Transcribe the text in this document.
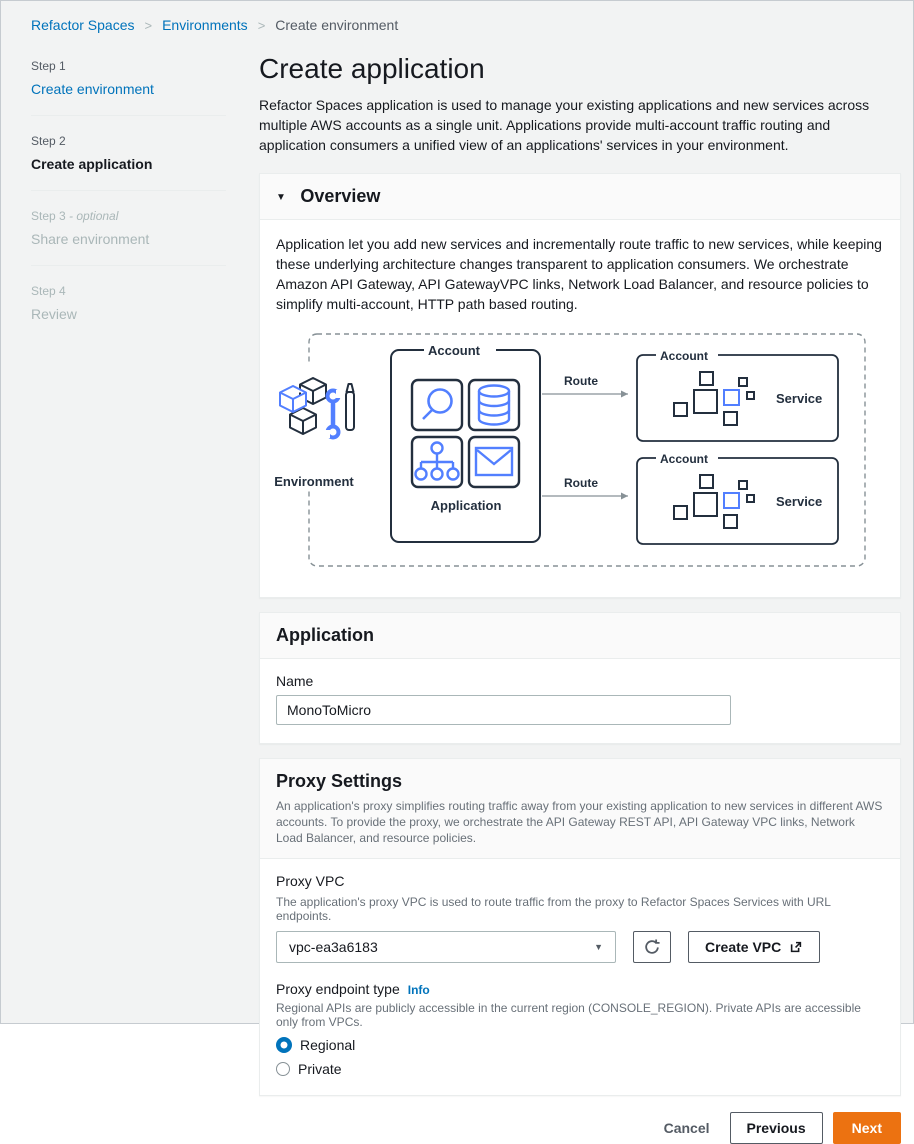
Refactor Spaces > Environments > Create environment
Step 1
Create environment
Step 2
Create application
Step 3 - optional
Share environment
Step 4
Review
Create application

Refactor Spaces application is used to manage your existing applications and new services across multiple AWS accounts as a single unit. Applications provide multi-account traffic routing and application consumers a unified view of an applications' services in your environment.

▼ Overview

Application let you add new services and incrementally route traffic to new services, while keeping these underlying architecture changes transparent to application consumers. We orchestrate Amazon API Gateway, API GatewayVPC links, Network Load Balancer, and resource policies to simplify multi-account, HTTP path based routing.

Environment
Account
Application
Route
Route
Account
Service
Account
Service
Application
Name
MonoToMicro
Proxy Settings
An application's proxy simplifies routing traffic away from your existing application to new services in different AWS accounts. To provide the proxy, we orchestrate the API Gateway REST API, API Gateway VPC links, Network Load Balancer, and resource policies.
Proxy VPC
The application's proxy VPC is used to route traffic from the proxy to Refactor Spaces Services with URL endpoints.
vpc-ea3a6183	▼	Create VPC
Proxy endpoint type Info
Regional APIs are publicly accessible in the current region (CONSOLE_REGION). Private APIs are accessible only from VPCs.
Regional
Private
Cancel	Previous	Next
